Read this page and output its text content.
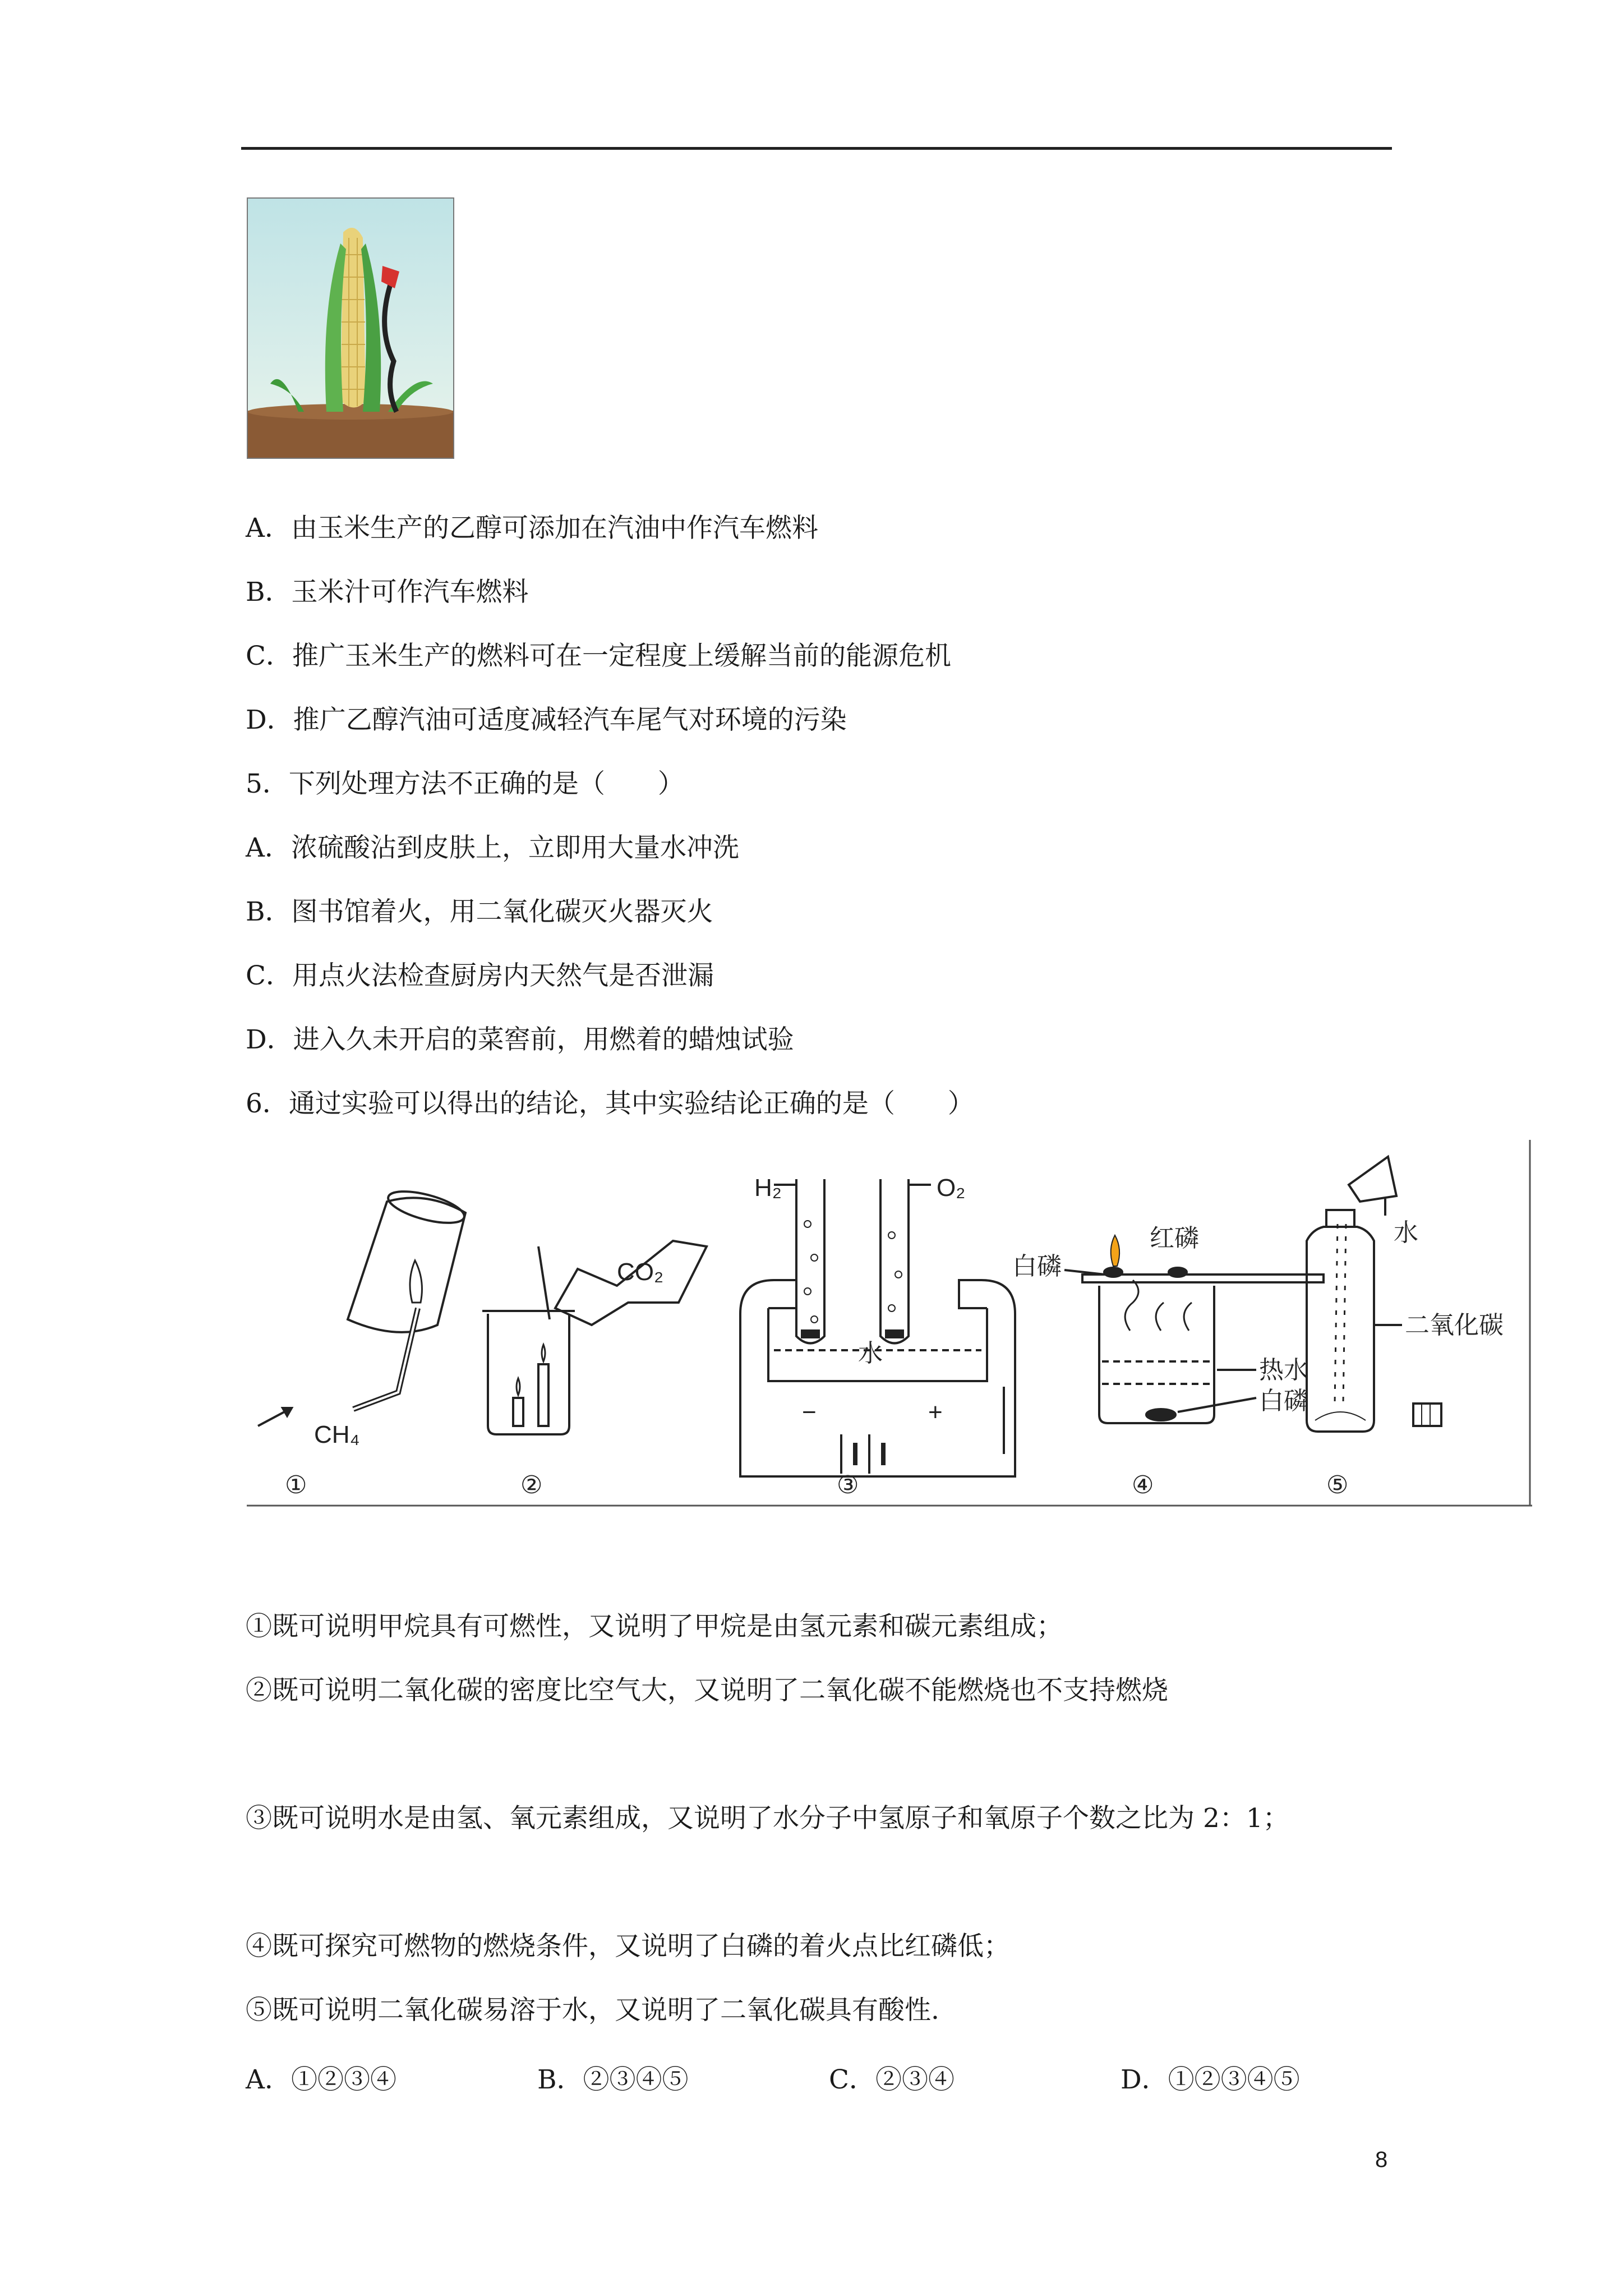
A．由玉米生产的乙醇可添加在汽油中作汽车燃料
B．玉米汁可作汽车燃料
C．推广玉米生产的燃料可在一定程度上缓解当前的能源危机
D．推广乙醇汽油可适度减轻汽车尾气对环境的污染
5．下列处理方法不正确的是（　　）
A．浓硫酸沾到皮肤上，立即用大量水冲洗
B．图书馆着火，用二氧化碳灭火器灭火
C．用点火法检查厨房内天然气是否泄漏
D．进入久未开启的菜窖前，用燃着的蜡烛试验
6．通过实验可以得出的结论，其中实验结论正确的是（　　）
CH₄
CO₂
H₂	O₂
水
−	+
白磷
红磷
热水
白磷
水
二氧化碳
①	②	③	④	⑤
①既可说明甲烷具有可燃性，又说明了甲烷是由氢元素和碳元素组成；
②既可说明二氧化碳的密度比空气大，又说明了二氧化碳不能燃烧也不支持燃烧
③既可说明水是由氢、氧元素组成，又说明了水分子中氢原子和氧原子个数之比为 2：1；
④既可探究可燃物的燃烧条件，又说明了白磷的着火点比红磷低；
⑤既可说明二氧化碳易溶于水，又说明了二氧化碳具有酸性.
A．①②③④	B．②③④⑤	C．②③④	D．①②③④⑤
8
